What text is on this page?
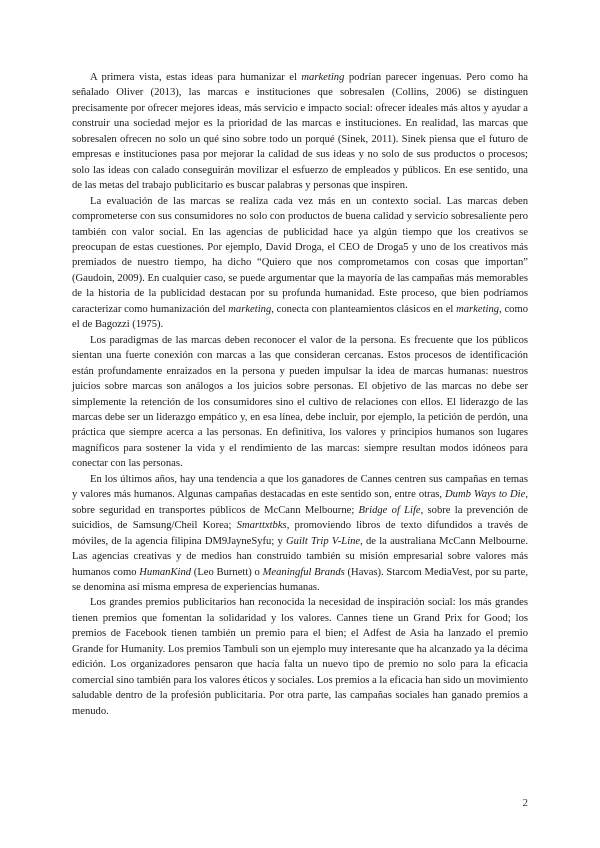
A primera vista, estas ideas para humanizar el marketing podrían parecer ingenuas. Pero como ha señalado Oliver (2013), las marcas e instituciones que sobresalen (Collins, 2006) se distinguen precisamente por ofrecer mejores ideas, más servicio e impacto social: ofrecer ideales más altos y ayudar a construir una sociedad mejor es la prioridad de las marcas e instituciones. En realidad, las marcas que sobresalen ofrecen no solo un qué sino sobre todo un porqué (Sinek, 2011). Sinek piensa que el futuro de empresas e instituciones pasa por mejorar la calidad de sus ideas y no solo de sus productos o procesos; solo las ideas con calado conseguirán movilizar el esfuerzo de empleados y públicos. En ese sentido, una de las metas del trabajo publicitario es buscar palabras y personas que inspiren.

La evaluación de las marcas se realiza cada vez más en un contexto social. Las marcas deben comprometerse con sus consumidores no solo con productos de buena calidad y servicio sobresaliente pero también con valor social. En las agencias de publicidad hace ya algún tiempo que los creativos se preocupan de estas cuestiones. Por ejemplo, David Droga, el CEO de Droga5 y uno de los creativos más premiados de nuestro tiempo, ha dicho “Quiero que nos comprometamos con cosas que importan” (Gaudoin, 2009). En cualquier caso, se puede argumentar que la mayoría de las campañas más memorables de la historia de la publicidad destacan por su profunda humanidad. Este proceso, que bien podríamos caracterizar como humanización del marketing, conecta con planteamientos clásicos en el marketing, como el de Bagozzi (1975).

Los paradigmas de las marcas deben reconocer el valor de la persona. Es frecuente que los públicos sientan una fuerte conexión con marcas a las que consideran cercanas. Estos procesos de identificación están profundamente enraizados en la persona y pueden impulsar la idea de marcas humanas: nuestros juicios sobre marcas son análogos a los juicios sobre personas. El objetivo de las marcas no debe ser simplemente la retención de los consumidores sino el cultivo de relaciones con ellos. El liderazgo de las marcas debe ser un liderazgo empático y, en esa línea, debe incluir, por ejemplo, la petición de perdón, una práctica que siempre acerca a las personas. En definitiva, los valores y principios humanos son lugares magníficos para sostener la vida y el rendimiento de las marcas: siempre resultan modos idóneos para conectar con las personas.

En los últimos años, hay una tendencia a que los ganadores de Cannes centren sus campañas en temas y valores más humanos. Algunas campañas destacadas en este sentido son, entre otras, Dumb Ways to Die, sobre seguridad en transportes públicos de McCann Melbourne; Bridge of Life, sobre la prevención de suicidios, de Samsung/Cheil Korea; Smarttxtbks, promoviendo libros de texto difundidos a través de móviles, de la agencia filipina DM9JayneSyfu; y Guilt Trip V-Line, de la australiana McCann Melbourne. Las agencias creativas y de medios han construido también su misión empresarial sobre valores más humanos como HumanKind (Leo Burnett) o Meaningful Brands (Havas). Starcom MediaVest, por su parte, se denomina así misma empresa de experiencias humanas.

Los grandes premios publicitarios han reconocida la necesidad de inspiración social: los más grandes tienen premios que fomentan la solidaridad y los valores. Cannes tiene un Grand Prix for Good; los premios de Facebook tienen también un premio para el bien; el Adfest de Asia ha lanzado el premio Grande for Humanity. Los premios Tambuli son un ejemplo muy interesante que ha alcanzado ya la décima edición. Los organizadores pensaron que hacía falta un nuevo tipo de premio no solo para la eficacia comercial sino también para los valores éticos y sociales. Los premios a la eficacia han sido un movimiento saludable dentro de la profesión publicitaria. Por otra parte, las campañas sociales han ganado premios a menudo.

2
